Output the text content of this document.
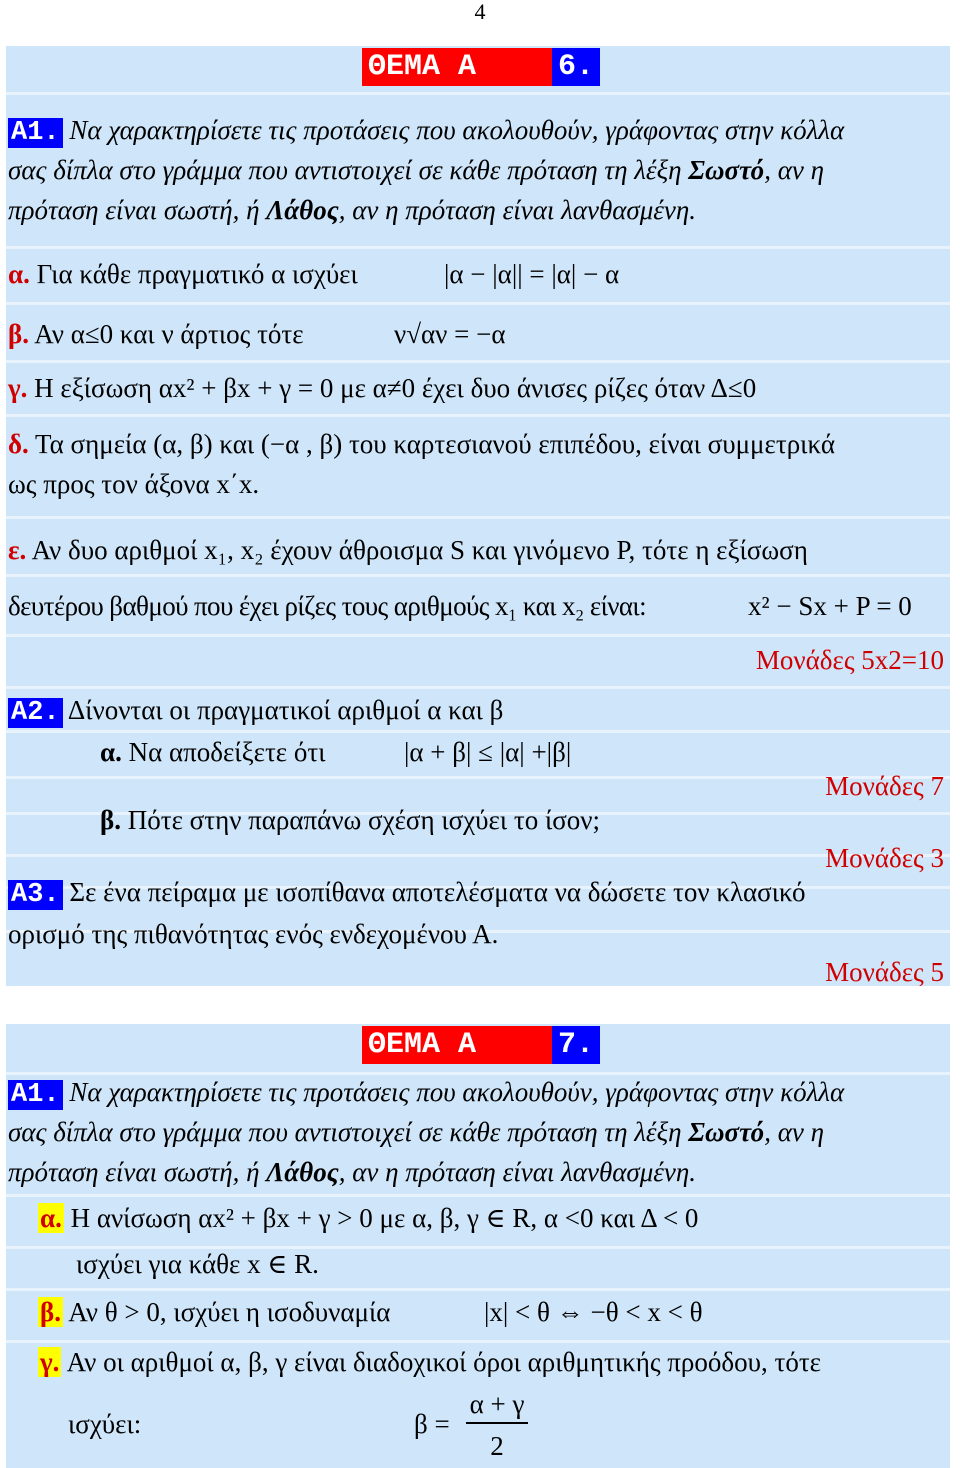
4
ΘΕΜΑ Α	6.
Α1. Να χαρακτηρίσετε τις προτάσεις που ακολουθούν, γράφοντας στην κόλλα
σας δίπλα στο γράμμα που αντιστοιχεί σε κάθε πρόταση τη λέξη Σωστό, αν η
πρόταση είναι σωστή, ή Λάθος, αν η πρόταση είναι λανθασμένη.
α. Για κάθε πραγματικό α ισχύει	|α − |α|| = |α| − α
β. Αν α≤0 και ν άρτιος τότε	ν√αν = −α
γ. Η εξίσωση αx² + βx + γ = 0 με α≠0 έχει δυο άνισες ρίζες όταν Δ≤0
δ. Τα σημεία (α, β) και (−α , β) του καρτεσιανού επιπέδου, είναι συμμετρικά
ως προς τον άξονα x΄x.
ε. Αν δυο αριθμοί x₁, x₂ έχουν άθροισμα S και γινόμενο P, τότε η εξίσωση
δευτέρου βαθμού που έχει ρίζες τους αριθμούς x₁ και x₂ είναι:	x² − Sx + P = 0
Μονάδες 5x2=10
Α2. Δίνονται οι πραγματικοί αριθμοί α και β
α. Να αποδείξετε ότι	|α + β| ≤ |α| +|β|
Μονάδες 7
β. Πότε στην παραπάνω σχέση ισχύει το ίσον;
Μονάδες 3
Α3. Σε ένα πείραμα με ισοπίθανα αποτελέσματα να δώσετε τον κλασικό
ορισμό της πιθανότητας ενός ενδεχομένου Α.
Μονάδες 5
ΘΕΜΑ Α	7.
Α1. Να χαρακτηρίσετε τις προτάσεις που ακολουθούν, γράφοντας στην κόλλα
σας δίπλα στο γράμμα που αντιστοιχεί σε κάθε πρόταση τη λέξη Σωστό, αν η
πρόταση είναι σωστή, ή Λάθος, αν η πρόταση είναι λανθασμένη.
α. Η ανίσωση αx² + βx + γ > 0 με α, β, γ ∈ R, α <0 και Δ < 0
ισχύει για κάθε x ∈ R.
β. Αν θ > 0, ισχύει η ισοδυναμία	|x| < θ ⇔ −θ < x < θ
γ. Αν οι αριθμοί α, β, γ είναι διαδοχικοί όροι αριθμητικής προόδου, τότε
ισχύει:	β =
α + γ
2
